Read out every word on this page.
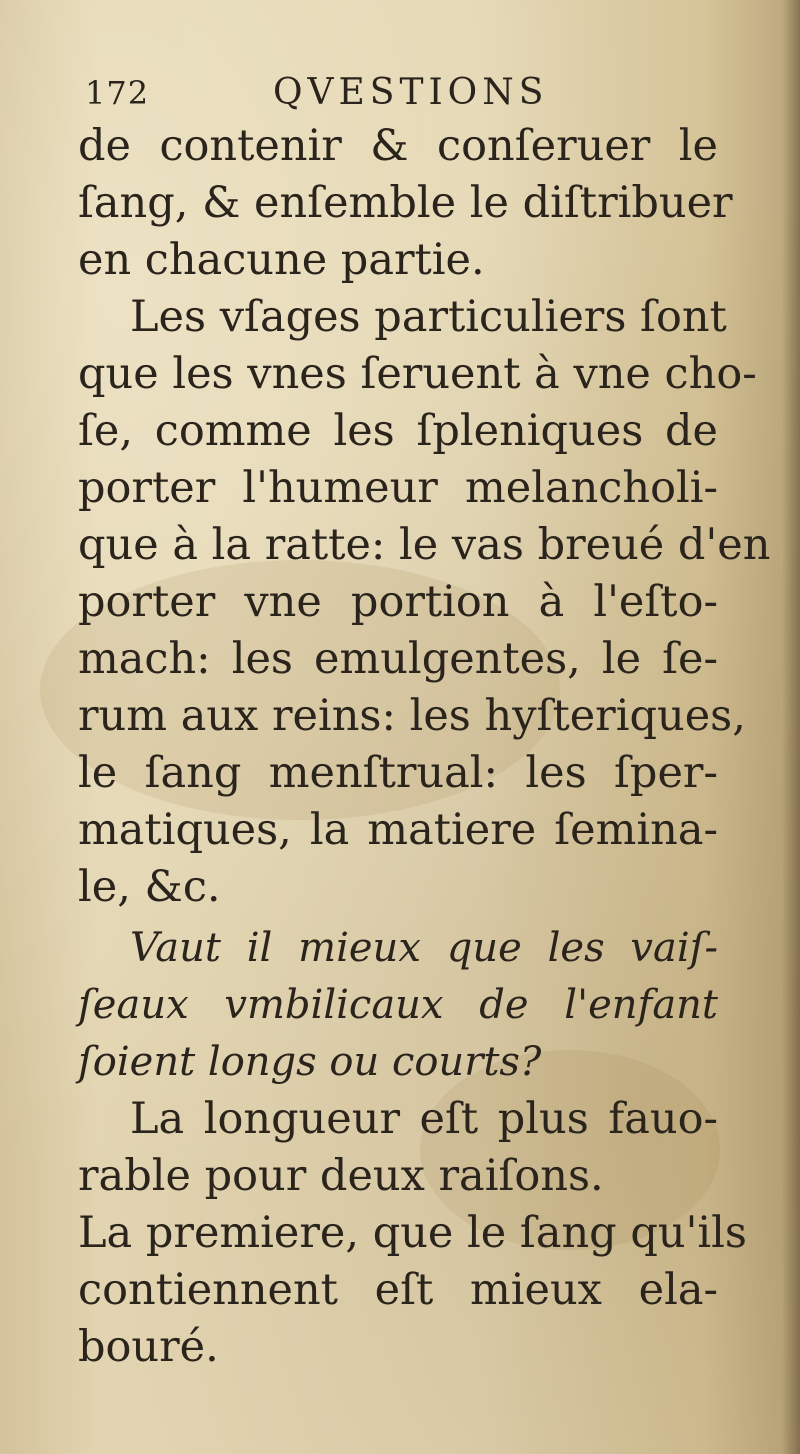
172	QVESTIONS
de contenir & conſeruer le
ſang, & enſemble le diſtribuer
en chacune partie.
Les vſages particuliers ſont
que les vnes ſeruent à vne cho-
ſe, comme les ſpleniques de
porter l'humeur melancholi-
que à la ratte: le vas breué d'en
porter vne portion à l'eſto-
mach: les emulgentes, le ſe-
rum aux reins: les hyſteriques,
le ſang menſtrual: les ſper-
matiques, la matiere ſemina-
le, &c.
Vaut il mieux que les vaiſ-
ſeaux vmbilicaux de l'enfant
ſoient longs ou courts?
La longueur eſt plus fauo-
rable pour deux raiſons.
La premiere, que le ſang qu'ils
contiennent eſt mieux ela-
bouré.
